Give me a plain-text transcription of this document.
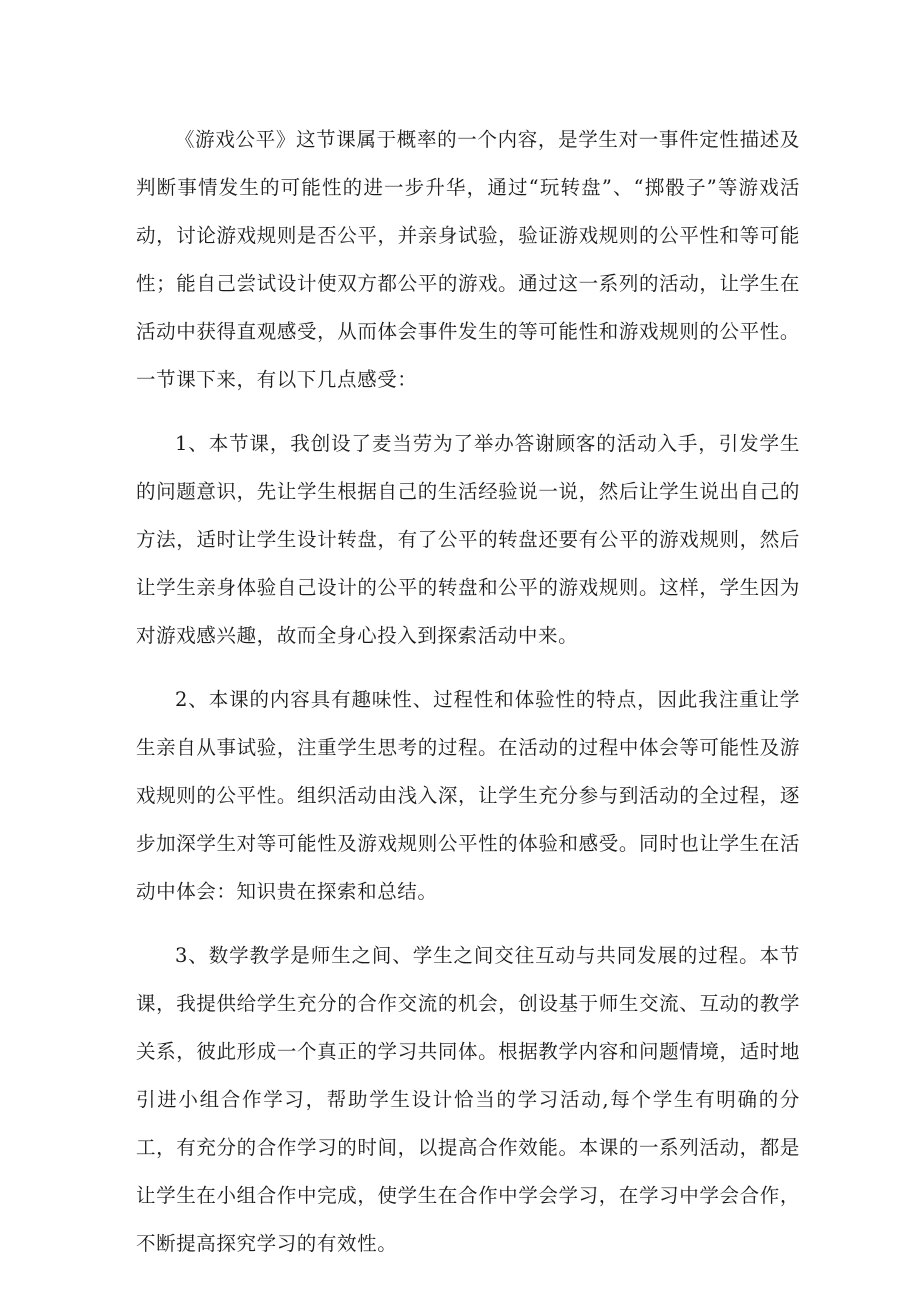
《游戏公平》这节课属于概率的一个内容，是学生对一事件定性描述及判断事情发生的可能性的进一步升华，通过“玩转盘”、“掷骰子”等游戏活动，讨论游戏规则是否公平，并亲身试验，验证游戏规则的公平性和等可能性；能自己尝试设计使双方都公平的游戏。通过这一系列的活动，让学生在活动中获得直观感受，从而体会事件发生的等可能性和游戏规则的公平性。一节课下来，有以下几点感受：

1、本节课，我创设了麦当劳为了举办答谢顾客的活动入手，引发学生的问题意识，先让学生根据自己的生活经验说一说，然后让学生说出自己的方法，适时让学生设计转盘，有了公平的转盘还要有公平的游戏规则，然后让学生亲身体验自己设计的公平的转盘和公平的游戏规则。这样，学生因为对游戏感兴趣，故而全身心投入到探索活动中来。

2、本课的内容具有趣味性、过程性和体验性的特点，因此我注重让学生亲自从事试验，注重学生思考的过程。在活动的过程中体会等可能性及游戏规则的公平性。组织活动由浅入深，让学生充分参与到活动的全过程，逐步加深学生对等可能性及游戏规则公平性的体验和感受。同时也让学生在活动中体会：知识贵在探索和总结。

3、数学教学是师生之间、学生之间交往互动与共同发展的过程。本节课，我提供给学生充分的合作交流的机会，创设基于师生交流、互动的教学关系，彼此形成一个真正的学习共同体。根据教学内容和问题情境，适时地引进小组合作学习，帮助学生设计恰当的学习活动,每个学生有明确的分工，有充分的合作学习的时间，以提高合作效能。本课的一系列活动，都是让学生在小组合作中完成，使学生在合作中学会学习，在学习中学会合作，不断提高探究学习的有效性。
